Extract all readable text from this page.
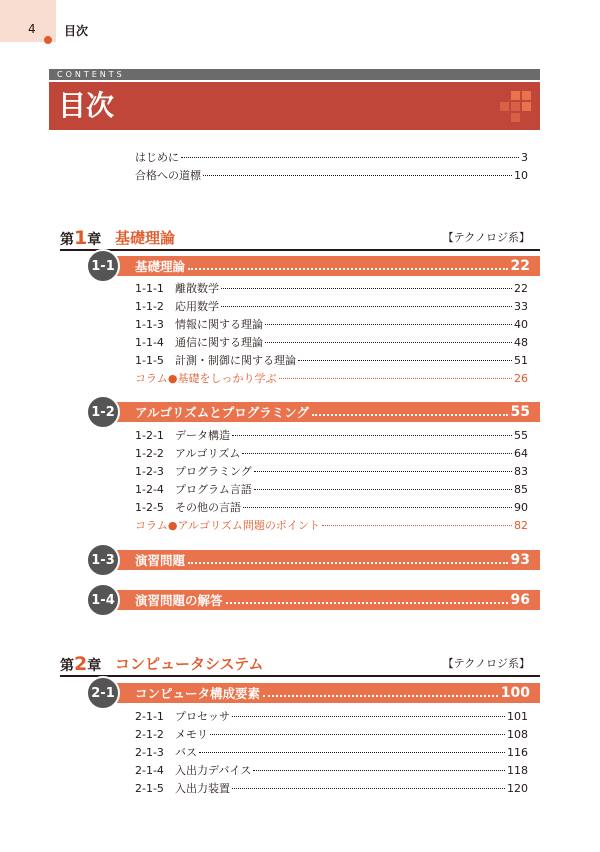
4 目次
CONTENTS
目次
はじめに	3
合格への道標	10
第1章 基礎理論	【テクノロジ系】
基礎理論	22
1-1
1-1-1	離散数学	22
1-1-2	応用数学	33
1-1-3	情報に関する理論	40
1-1-4	通信に関する理論	48
1-1-5	計測・制御に関する理論	51
コラム●基礎をしっかり学ぶ	26
アルゴリズムとプログラミング	55
1-2
1-2-1	データ構造	55
1-2-2	アルゴリズム	64
1-2-3	プログラミング	83
1-2-4	プログラム言語	85
1-2-5	その他の言語	90
コラム●アルゴリズム問題のポイント	82
演習問題	93
1-3
演習問題の解答	96
1-4
第2章 コンピュータシステム	【テクノロジ系】
コンピュータ構成要素	100
2-1
2-1-1	プロセッサ	101
2-1-2	メモリ	108
2-1-3	バス	116
2-1-4	入出力デバイス	118
2-1-5	入出力装置	120
